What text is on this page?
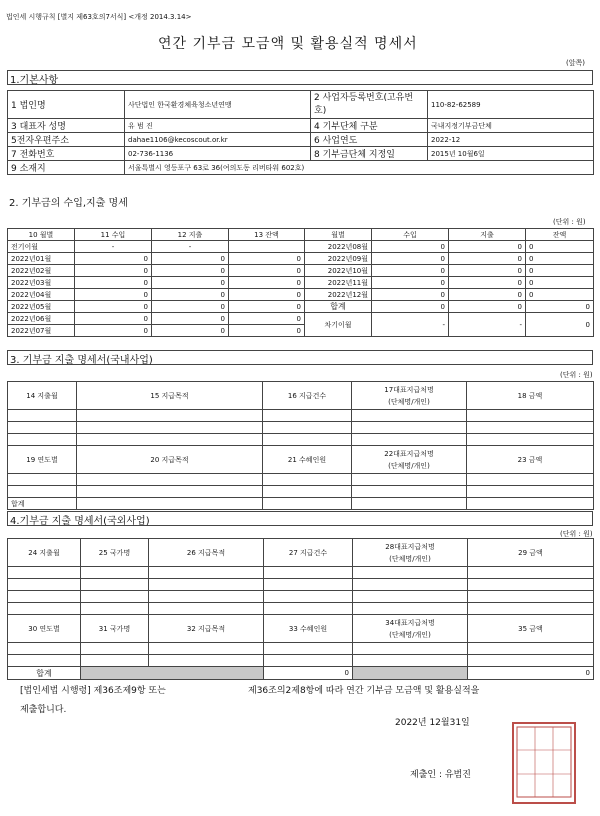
법인세 시행규칙 [별지 제63호의7서식] <개정 2014.3.14>
연간 기부금 모금액 및 활용실적 명세서
(앞쪽)
1.기본사항
1 법인명	사단법인 한국환경체육청소년연맹	2 사업자등록번호(고유번호)	110-82-62589
3 대표자 성명	유 범 진	4 기부단체 구분	국내지정기부금단체
5전자우편주소	dahae1106@kecoscout.or.kr	6 사업연도	2022-12
7 전화번호	02-736-1136	8 기부금단체 지정일	2015년 10월6일
9 소재지	서울특별시 영등포구 63로 36(여의도동 리버타워 602호)		
2. 기부금의 수입,지출 명세
(단위 : 원)
10 월별	11 수입	12 지출	13 잔액	월별	수입	지출	잔액
전기이월	-	-		2022년08월	0	0	0
2022년01월	0	0	0	2022년09월	0	0	0
2022년02월	0	0	0	2022년10월	0	0	0
2022년03월	0	0	0	2022년11월	0	0	0
2022년04월	0	0	0	2022년12월	0	0	0
2022년05월	0	0	0	합계	0	0	0
2022년06월	0	0	0	차기이월	-	-	0
2022년07월	0	0	0				
3. 기부금 지출 명세서(국내사업)
(단위 : 원)
14 지출월	15 지급목적	16 지급건수	17대표지급처명
(단체명/개인)	18 금액

19 연도별	20 지급목적	21 수혜인원	22대표지급처명
(단체명/개인)	23 금액

합계				
4.기부금 지출 명세서(국외사업)
(단위 : 원)
24 지출월	25 국가명	26 지급목적	27 지급건수	28대표지급처명
(단체명/개인)	29 금액

30 연도별	31 국가명	32 지급목적	33 수혜인원	34대표지급처명
(단체명/개인)	35 금액

합계			0		0
[법인세법 시행령] 제36조제9항 또는	제36조의2제8항에 따라 연간 기부금 모금액 및 활용실적을
제출합니다.
2022년 12월31일
제출인 : 유범진
